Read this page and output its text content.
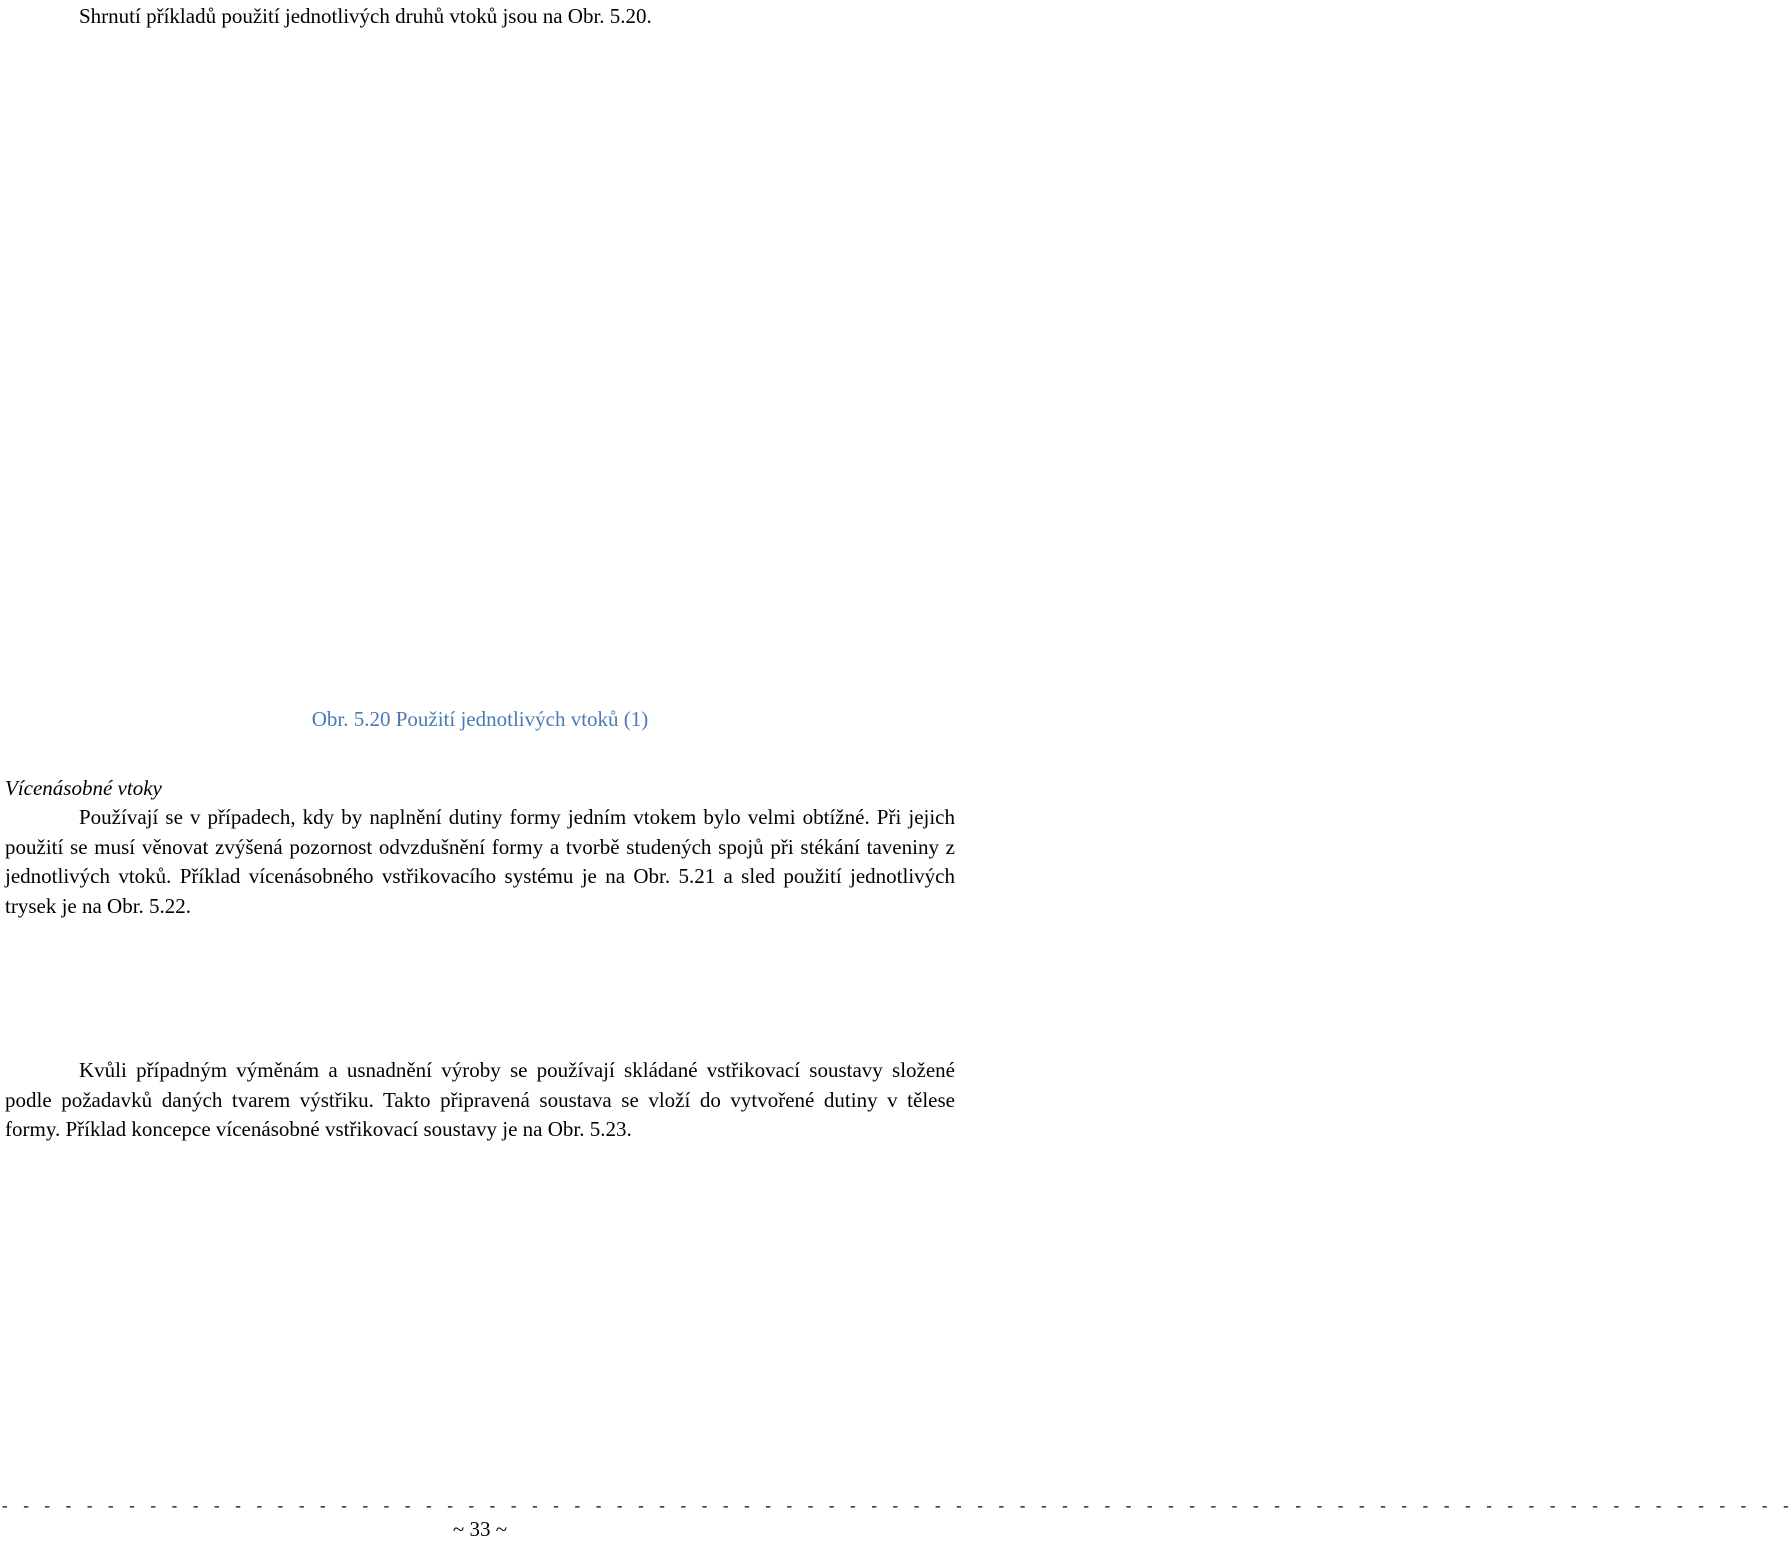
Shrnutí příkladů použití jednotlivých druhů vtoků jsou na Obr. 5.20.
Obr. 5.20 Použití jednotlivých vtoků (1)
Vícenásobné vtoky

Používají se v případech, kdy by naplnění dutiny formy jedním vtokem bylo velmi obtížné. Při jejich použití se musí věnovat zvýšená pozornost odvzdušnění formy a tvorbě studených spojů při stékání taveniny z jednotlivých vtoků. Příklad vícenásobného vstřikovacího systému je na Obr. 5.21 a sled použití jednotlivých trysek je na Obr. 5.22.

Kvůli případným výměnám a usnadnění výroby se používají skládané vstřikovací soustavy složené podle požadavků daných tvarem výstřiku. Takto připravená soustava se vloží do vytvořené dutiny v tělese formy. Příklad koncepce vícenásobné vstřikovací soustavy je na Obr. 5.23.

- - - - - - - - - - - - - - - - - - - - - - - - - - - - - - - - - - - - - - - - - - - - - - - - - - - - - - - - - - - - - - - - - - - - - - - - - - - - - - - - - - - - -
~ 33 ~
